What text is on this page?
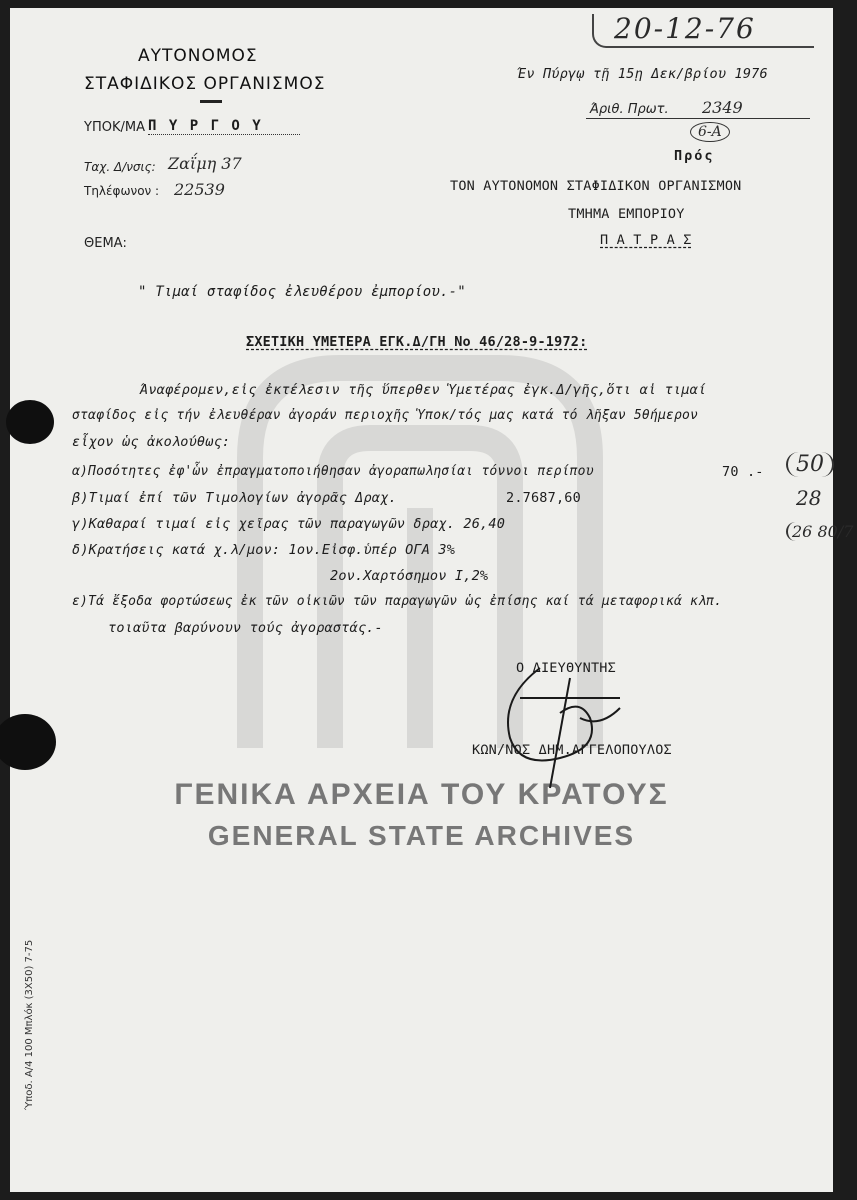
ΓΕΝΙΚΑ ΑΡΧΕΙΑ ΤΟΥ ΚΡΑΤΟΥΣ
GENERAL STATE ARCHIVES
ΑΥΤΟΝΟΜΟΣ
ΣΤΑΦΙΔΙΚΟΣ ΟΡΓΑΝΙΣΜΟΣ
ΥΠΟΚ/ΜΑ Π Υ Ρ Γ Ο Υ
Ταχ. Δ/νσις: Ζαΐμη 37
Τηλέφωνον : 22539
ΘΕΜΑ:
20-12-76
Έν Πύργῳ τῇ 15ῃ Δεκ/βρίου 1976
Άριθ. Πρωτ. 2349
6-Α
Πρός
ΤΟΝ ΑΥΤΟΝΟΜΟΝ ΣΤΑΦΙΔΙΚΟΝ ΟΡΓΑΝΙΣΜΟΝ
ΤΜΗΜΑ ΕΜΠΟΡΙΟΥ
Π Α Τ Ρ Α Σ
" Τιμαί σταφίδος ἐλευθέρου ἐμπορίου.-"
ΣΧΕΤΙΚΗ ΥΜΕΤΕΡΑ ΕΓΚ.Δ/ΓΗ Νο 46/28-9-1972:
Άναφέρομεν,εἰς ἐκτέλεσιν τῆς ὕπερθεν Ὑμετέρας ἐγκ.Δ/γῆς,ὅτι αἱ τιμαί
σταφίδος εἰς τήν ἐλευθέραν ἀγοράν περιοχῆς Ὑποκ/τός μας κατά τό λῆξαν 5θήμερον
εἶχον ὡς ἀκολούθως:
α)Ποσότητες ἐφ'ὧν ἐπραγματοποιήθησαν ἀγοραπωλησίαι τόννοι περίπου	70 .-
β)Τιμαί ἐπί τῶν Τιμολογίων ἀγορᾶς Δραχ.	2.7687,60
γ)Καθαραί τιμαί εἰς χεῖρας τῶν παραγωγῶν δραχ. 26,40
δ)Κρατήσεις κατά χ.λ/μον: 1ον.Εἰσφ.ὑπέρ ΟΓΑ 3%
2ον.Χαρτόσημον Ι,2%
ε)Τά ἔξοδα φορτώσεως ἐκ τῶν οἰκιῶν τῶν παραγωγῶν ὡς ἐπίσης καί τά μεταφορικά κλπ.
τοιαῦτα βαρύνουν τούς ἀγοραστάς.-
50
28
26 80/7
Ο ΔΙΕΥΘΥΝΤΗΣ
ΚΩΝ/ΝΟΣ ΔΗΜ.ΑΓΓΕΛΟΠΟΥΛΟΣ
Ύποδ. Α/4 100 Μπλόκ (3Χ50) 7-75
